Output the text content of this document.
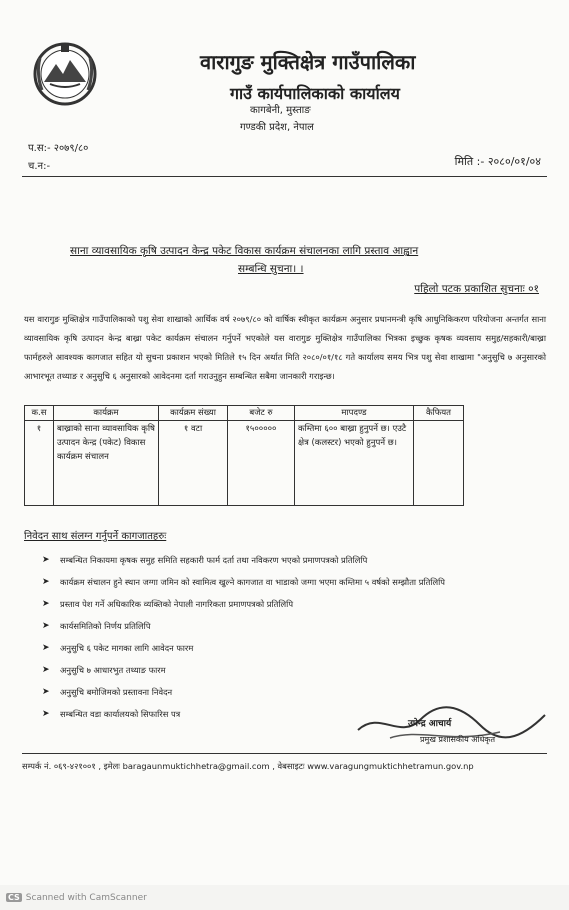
वारागुङ मुक्तिक्षेत्र गाउँपालिका
गाउँ कार्यपालिकाको कार्यालय
कागबेनी, मुस्ताङ
गण्डकी प्रदेश, नेपाल
प.स:- २०७९/८०
च.न:-	मिति :- २०८०/०१/०४
साना व्यावसायिक कृषि उत्पादन केन्द्र पकेट विकास कार्यक्रम संचालनका लागि प्रस्ताव आह्वान
सम्बन्धि सुचना। ।
पहिलो पटक प्रकाशित सुचनाः ०१
यस वारागुङ मुक्तिक्षेत्र गाउँपालिकाको पशु सेवा शाखाको आर्थिक वर्ष २०७९/८० को वार्षिक स्वीकृत कार्यक्रम अनुसार प्रधानमन्त्री कृषि आधुनिकिकरण परियोजना अन्तर्गत साना व्यावसायिक कृषि उत्पादन केन्द्र बाख्रा पकेट कार्यक्रम संचालन गर्नुपर्ने भएकोले यस वारागुङ मुक्तिक्षेत्र गाउँपालिका भित्रका इच्छुक कृषक व्यवसाय समुह/सहकारी/बाख्रा फार्महरुले आवश्यक कागजात सहित यो सुचना प्रकाशन भएको मितिले १५ दिन अर्थात मिति २०८०/०१/१८ गते कार्यालय समय भित्र पशु सेवा शाखामा "अनुसुचि ७ अनुसारको आभारभूत तथ्याङ र अनुसुचि ६ अनुसारको आवेदनमा दर्ता गराउनुहुन सम्बन्धित सबैमा जानकारी गराइन्छ।
क.स	कार्यक्रम	कार्यक्रम संख्या	बजेट रु	मापदण्ड	कैफियत
१	बाख्राको साना व्यावसायिक कृषि उत्पादन केन्द्र (पकेट) विकास कार्यक्रम संचालन	१ वटा	१५०००००	कम्तिमा ६०० बाख्रा हुनुपर्ने छ। एउटै क्षेत्र (कलस्टर) भएको हुनुपर्ने छ।	
निवेदन साथ संलग्न गर्नुपर्ने कागजातहरुः
➤ सम्बन्धित निकायमा कृषक समुह समिति सहकारी फार्म दर्ता तथा नविकरण भएको प्रमाणपत्रको प्रतिलिपि
➤ कार्यक्रम संचालन हुने स्थान जग्गा जमिन को स्वामित्व खुल्ने कागजात वा भाडाको जग्गा भएमा कम्तिमा ५ वर्षको सम्झौता प्रतिलिपि
➤ प्रस्ताव पेश गर्ने अधिकारिक व्यक्तिको नेपाली नागरिकता प्रमाणपत्रको प्रतिलिपि
➤ कार्यसमितिको निर्णय प्रतिलिपि
➤ अनुसुचि ६ पकेट मागका लागि आवेदन फारम
➤ अनुसुचि ७ आधारभुत तथ्याङ फारम
➤ अनुसुचि बमोजिमको प्रस्तावना निवेदन
➤ सम्बन्धित वडा कार्यालयको सिफारिस पत्र
उपेन्द्र आचार्य
प्रमुख प्रशासकीय अधिकृत
सम्पर्क नं. ०६९-४२१००१ , इमेलः baragaunmuktichhetra@gmail.com , वेबसाइटः www.varagungmuktichhetramun.gov.np
CS Scanned with CamScanner
